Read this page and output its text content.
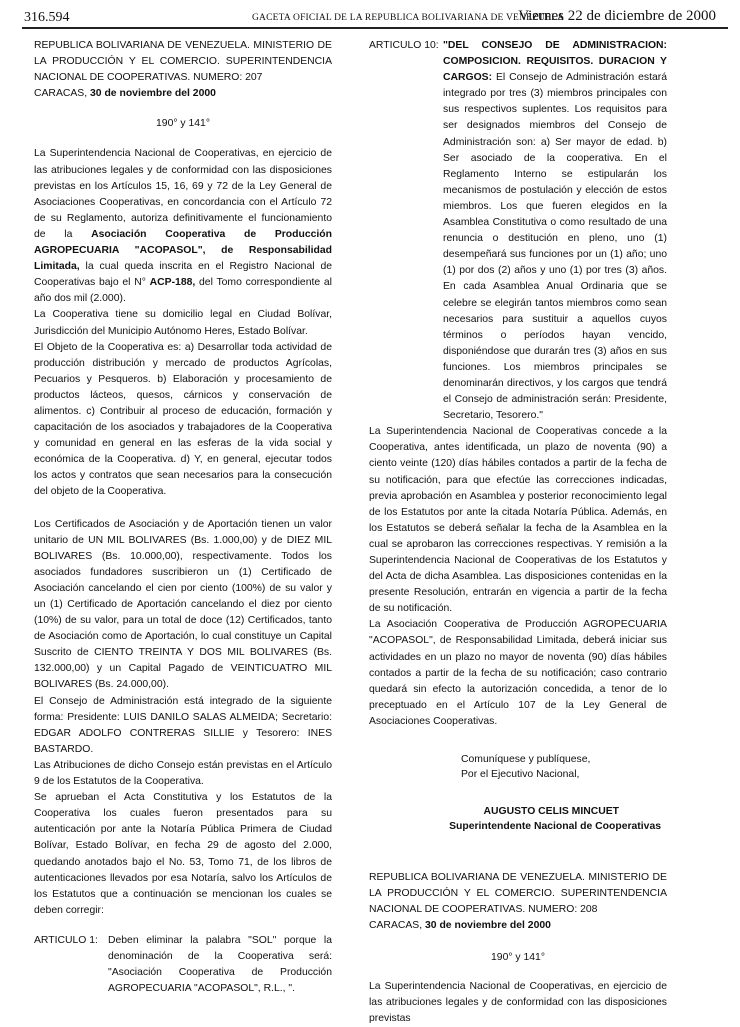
316.594	GACETA OFICIAL DE LA REPUBLICA BOLIVARIANA DE VENEZUELA
Viernes 22 de diciembre de 2000

REPUBLICA BOLIVARIANA DE VENEZUELA. MINISTERIO DE LA PRODUCCIÓN Y EL COMERCIO. SUPERINTENDENCIA NACIONAL DE COOPERATIVAS. NUMERO: 207

CARACAS, 30 de noviembre del 2000

190° y 141°

La Superintendencia Nacional de Cooperativas, en ejercicio de las atribuciones legales y de conformidad con las disposiciones previstas en los Artículos 15, 16, 69 y 72 de la Ley General de Asociaciones Cooperativas, en concordancia con el Artículo 72 de su Reglamento, autoriza definitivamente el funcionamiento de la Asociación Cooperativa de Producción AGROPECUARIA "ACOPASOL", de Responsabilidad Limitada, la cual queda inscrita en el Registro Nacional de Cooperativas bajo el N° ACP-188, del Tomo correspondiente al año dos mil (2.000).

La Cooperativa tiene su domicilio legal en Ciudad Bolívar, Jurisdicción del Municipio Autónomo Heres, Estado Bolívar.

El Objeto de la Cooperativa es: a) Desarrollar toda actividad de producción distribución y mercado de productos Agrícolas, Pecuarios y Pesqueros. b) Elaboración y procesamiento de productos lácteos, quesos, cárnicos y conservación de alimentos. c) Contribuir al proceso de educación, formación y capacitación de los asociados y trabajadores de la Cooperativa y comunidad en general en las esferas de la vida social y económica de la Cooperativa. d) Y, en general, ejecutar todos los actos y contratos que sean necesarios para la consecución del objeto de la Cooperativa.

Los Certificados de Asociación y de Aportación tienen un valor unitario de UN MIL BOLIVARES (Bs. 1.000,00) y de DIEZ MIL BOLIVARES (Bs. 10.000,00), respectivamente. Todos los asociados fundadores suscribieron un (1) Certificado de Asociación cancelando el cien por ciento (100%) de su valor y un (1) Certificado de Aportación cancelando el diez por ciento (10%) de su valor, para un total de doce (12) Certificados, tanto de Asociación como de Aportación, lo cual constituye un Capital Suscrito de CIENTO TREINTA Y DOS MIL BOLIVARES (Bs. 132.000,00) y un Capital Pagado de VEINTICUATRO MIL BOLIVARES (Bs. 24.000,00).

El Consejo de Administración está integrado de la siguiente forma: Presidente: LUIS DANILO SALAS ALMEIDA; Secretario: EDGAR ADOLFO CONTRERAS SILLIE y Tesorero: INES BASTARDO.

Las Atribuciones de dicho Consejo están previstas en el Artículo 9 de los Estatutos de la Cooperativa.

Se aprueban el Acta Constitutiva y los Estatutos de la Cooperativa los cuales fueron presentados para su autenticación por ante la Notaría Pública Primera de Ciudad Bolívar, Estado Bolívar, en fecha 29 de agosto del 2.000, quedando anotados bajo el No. 53, Tomo 71, de los libros de autenticaciones llevados por esa Notaría, salvo los Artículos de los Estatutos que a continuación se mencionan los cuales se deben corregir:

ARTICULO 1: Deben eliminar la palabra "SOL" porque la denominación de la Cooperativa será: "Asociación Cooperativa de Producción AGROPECUARIA "ACOPASOL", R.L., ".
ARTICULO 10: "DEL CONSEJO DE ADMINISTRACION: COMPOSICION. REQUISITOS. DURACION Y CARGOS: El Consejo de Administración estará integrado por tres (3) miembros principales con sus respectivos suplentes. Los requisitos para ser designados miembros del Consejo de Administración son: a) Ser mayor de edad. b) Ser asociado de la cooperativa. En el Reglamento Interno se estipularán los mecanismos de postulación y elección de estos miembros. Los que fueren elegidos en la Asamblea Constitutiva o como resultado de una renuncia o destitución en pleno, uno (1) desempeñará sus funciones por un (1) año; uno (1) por dos (2) años y uno (1) por tres (3) años. En cada Asamblea Anual Ordinaria que se celebre se elegirán tantos miembros como sean necesarios para sustituir a aquellos cuyos términos o períodos hayan vencido, disponiéndose que durarán tres (3) años en sus funciones. Los miembros principales se denominarán directivos, y los cargos que tendrá el Consejo de administración serán: Presidente, Secretario, Tesorero."

La Superintendencia Nacional de Cooperativas concede a la Cooperativa, antes identificada, un plazo de noventa (90) a ciento veinte (120) días hábiles contados a partir de la fecha de su notificación, para que efectúe las correcciones indicadas, previa aprobación en Asamblea y posterior reconocimiento legal de los Estatutos por ante la citada Notaría Pública. Además, en los Estatutos se deberá señalar la fecha de la Asamblea en la cual se aprobaron las correcciones respectivas. Y remisión a la Superintendencia Nacional de Cooperativas de los Estatutos y del Acta de dicha Asamblea. Las disposiciones contenidas en la presente Resolución, entrarán en vigencia a partir de la fecha de su notificación.

La Asociación Cooperativa de Producción AGROPECUARIA "ACOPASOL", de Responsabilidad Limitada, deberá iniciar sus actividades en un plazo no mayor de noventa (90) días hábiles contados a partir de la fecha de su notificación; caso contrario quedará sin efecto la autorización concedida, a tenor de lo preceptuado en el Artículo 107 de la Ley General de Asociaciones Cooperativas.

Comuníquese y publíquese,

Por el Ejecutivo Nacional,

AUGUSTO CELIS MINCUET

Superintendente Nacional de Cooperativas

REPUBLICA BOLIVARIANA DE VENEZUELA. MINISTERIO DE LA PRODUCCIÓN Y EL COMERCIO. SUPERINTENDENCIA NACIONAL DE COOPERATIVAS. NUMERO: 208

CARACAS, 30 de noviembre del 2000

190° y 141°

La Superintendencia Nacional de Cooperativas, en ejercicio de las atribuciones legales y de conformidad con las disposiciones previstas
